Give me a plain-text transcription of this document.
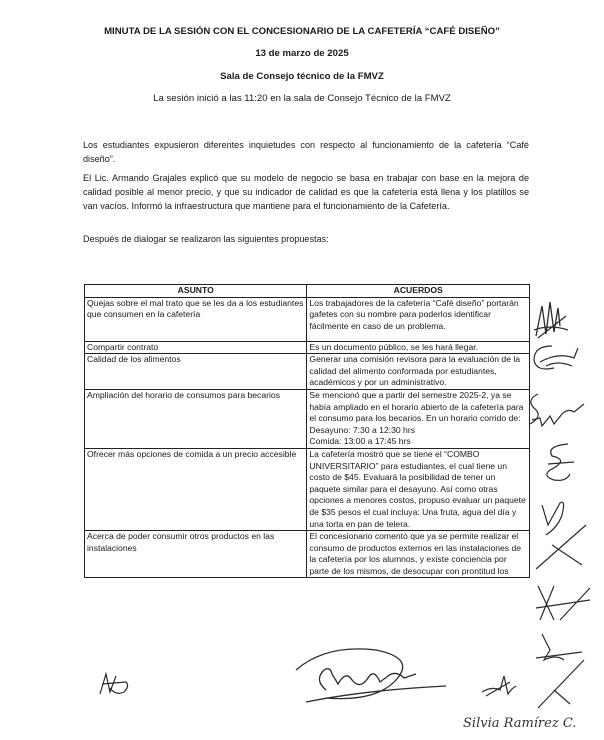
MINUTA DE LA SESIÓN CON EL CONCESIONARIO DE LA CAFETERÍA “CAFÉ DISEÑO”
13 de marzo de 2025
Sala de Consejo técnico de la FMVZ
La sesión inició a las 11:20 en la sala de Consejo Técnico de la FMVZ
Los estudiantes expusieron diferentes inquietudes con respecto al funcionamiento de la cafetería “Café diseño”.
El Lic. Armando Grajales explicó que su modelo de negocio se basa en trabajar con base en la mejora de calidad posible al menor precio, y que su indicador de calidad es que la cafetería está llena y los platillos se van vacíos. Informó la infraestructura que mantiene para el funcionamiento de la Cafetería.
Después de dialogar se realizaron las siguientes propuestas:
ASUNTO	ACUERDOS
Quejas sobre el mal trato que se les da a los estudiantes que consumen en la cafetería	Los trabajadores de la cafetería “Café diseño” portarán gafetes con su nombre para poderlos identificar fácilmente en caso de un problema.
Compartir contrato	Es un documento público, se les hará llegar.
Calidad de los alimentos	Generar una comisión revisora para la evaluación de la calidad del alimento conformada por estudiantes, académicos y por un administrativo.
Ampliación del horario de consumos para becarios	Se mencionó que a partir del semestre 2025-2, ya se había ampliado en el horario abierto de la cafetería para el consumo para los becarios. En un horario corrido de:
Desayuno: 7:30 a 12:30 hrs
Comida: 13:00 a 17:45 hrs
Ofrecer más opciones de comida a un precio accesible	La cafetería mostró que se tiene el “COMBO UNIVERSITARIO” para estudiantes, el cual tiene un costo de $45. Evaluará la posibilidad de tener un paquete similar para el desayuno. Así como otras opciones a menores costos, propuso evaluar un paquete de $35 pesos el cual incluya: Una fruta, agua del día y una torta en pan de telera.
Acerca de poder consumir otros productos en las instalaciones	El concesionario comentó que ya se permite realizar el consumo de productos externos en las instalaciones de la cafetería por los alumnos, y existe conciencia por parte de los mismos, de desocupar con prontitud los
Silvia Ramírez C.
